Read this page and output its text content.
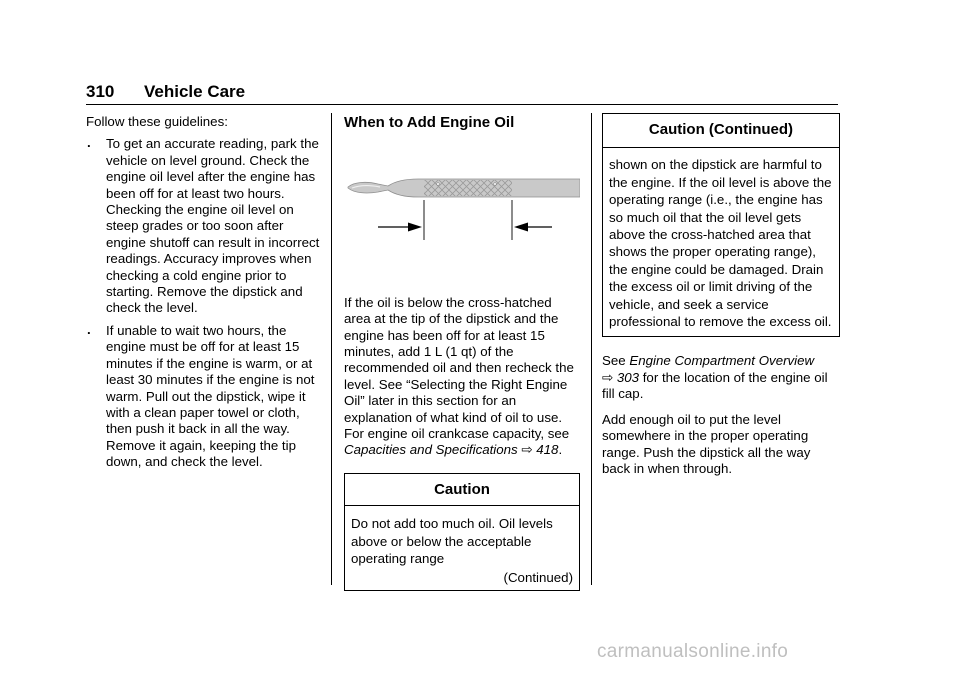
310 Vehicle Care

Follow these guidelines:

. To get an accurate reading, park the vehicle on level ground. Check the engine oil level after the engine has been off for at least two hours. Checking the engine oil level on steep grades or too soon after engine shutoff can result in incorrect readings. Accuracy improves when checking a cold engine prior to starting. Remove the dipstick and check the level.
. If unable to wait two hours, the engine must be off for at least 15 minutes if the engine is warm, or at least 30 minutes if the engine is not warm. Pull out the dipstick, wipe it with a clean paper towel or cloth, then push it back in all the way. Remove it again, keeping the tip down, and check the level.
When to Add Engine Oil

If the oil is below the cross-hatched area at the tip of the dipstick and the engine has been off for at least 15 minutes, add 1 L (1 qt) of the recommended oil and then recheck the level. See “Selecting the Right Engine Oil” later in this section for an explanation of what kind of oil to use. For engine oil crankcase capacity, see Capacities and Specifications ⇨ 418.

Caution
Do not add too much oil. Oil levels above or below the acceptable operating range
(Continued)
Caution (Continued)
shown on the dipstick are harmful to the engine. If the oil level is above the operating range (i.e., the engine has so much oil that the oil level gets above the cross-hatched area that shows the proper operating range), the engine could be damaged. Drain the excess oil or limit driving of the vehicle, and seek a service professional to remove the excess oil.

See Engine Compartment Overview
⇨ 303 for the location of the engine oil fill cap.

Add enough oil to put the level somewhere in the proper operating range. Push the dipstick all the way back in when through.

carmanualsonline.info
